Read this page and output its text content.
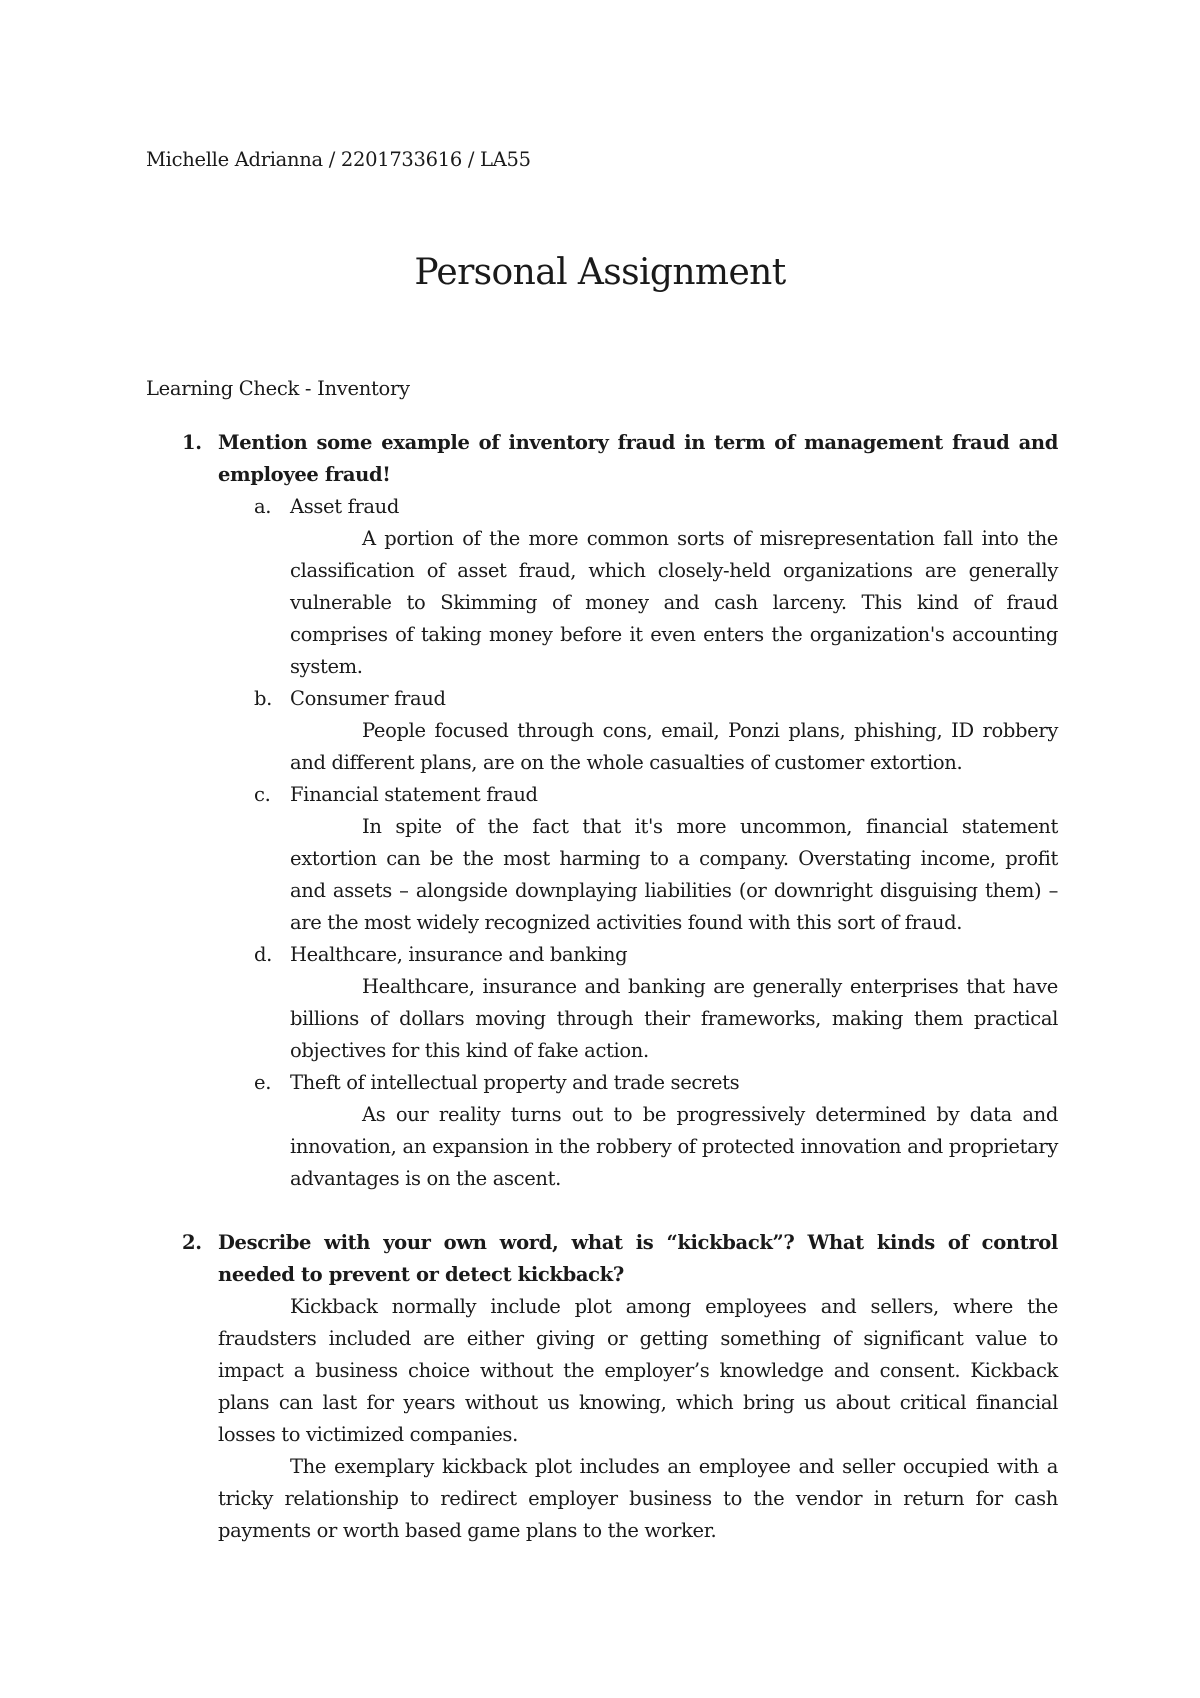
Michelle Adrianna / 2201733616 / LA55
Personal Assignment
Learning Check - Inventory
1. Mention some example of inventory fraud in term of management fraud and employee fraud!
a. Asset fraud
A portion of the more common sorts of misrepresentation fall into the classification of asset fraud, which closely-held organizations are generally vulnerable to Skimming of money and cash larceny. This kind of fraud comprises of taking money before it even enters the organization's accounting system.
b. Consumer fraud
People focused through cons, email, Ponzi plans, phishing, ID robbery and different plans, are on the whole casualties of customer extortion.
c.	Financial statement fraud
In spite of the fact that it's more uncommon, financial statement extortion can be the most harming to a company. Overstating income, profit and assets – alongside downplaying liabilities (or downright disguising them) – are the most widely recognized activities found with this sort of fraud.
d. Healthcare, insurance and banking
Healthcare, insurance and banking are generally enterprises that have billions of dollars moving through their frameworks, making them practical objectives for this kind of fake action.
e. Theft of intellectual property and trade secrets
As our reality turns out to be progressively determined by data and innovation, an expansion in the robbery of protected innovation and proprietary advantages is on the ascent.
2. Describe with your own word, what is “kickback”? What kinds of control needed to prevent or detect kickback?
Kickback normally include plot among employees and sellers, where the fraudsters included are either giving or getting something of significant value to impact a business choice without the employer’s knowledge and consent. Kickback plans can last for years without us knowing, which bring us about critical financial losses to victimized companies.
The exemplary kickback plot includes an employee and seller occupied with a tricky relationship to redirect employer business to the vendor in return for cash payments or worth based game plans to the worker.
